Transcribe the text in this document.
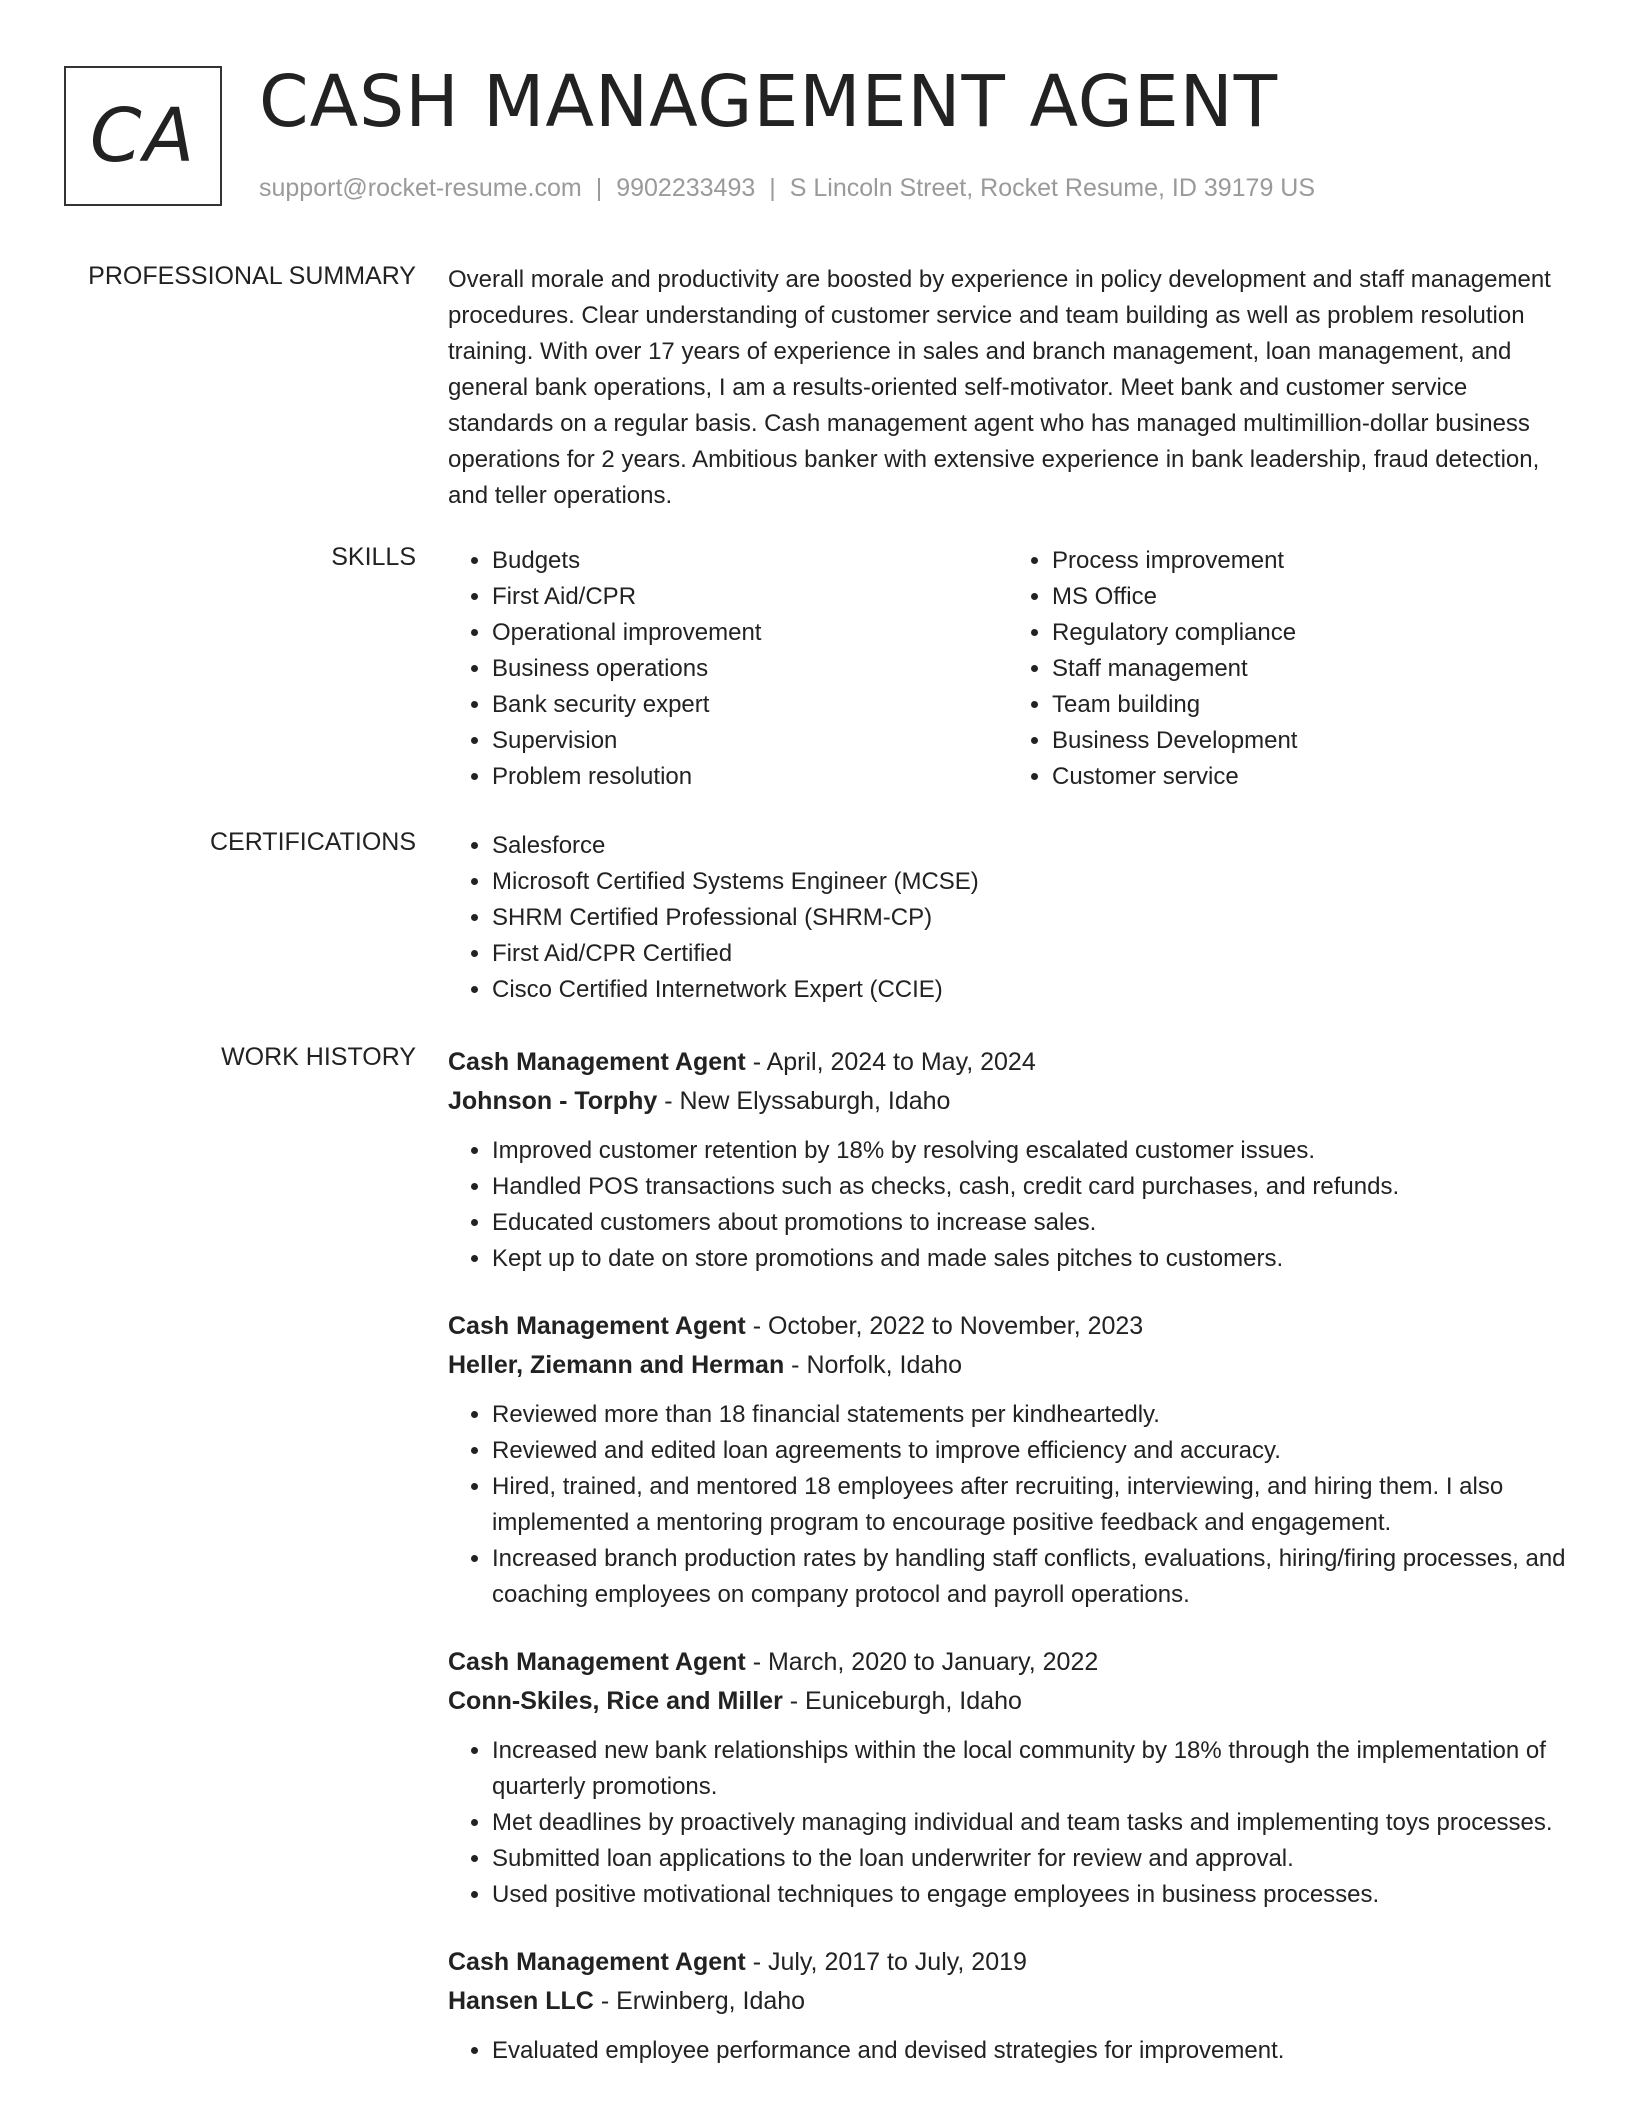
CA CASH MANAGEMENT AGENT
support@rocket-resume.com | 9902233493 | S Lincoln Street, Rocket Resume, ID 39179 US
PROFESSIONAL SUMMARY Overall morale and productivity are boosted by experience in policy development and staff management procedures. Clear understanding of customer service and team building as well as problem resolution training. With over 17 years of experience in sales and branch management, loan management, and general bank operations, I am a results-oriented self-motivator. Meet bank and customer service standards on a regular basis. Cash management agent who has managed multimillion-dollar business operations for 2 years. Ambitious banker with extensive experience in bank leadership, fraud detection, and teller operations.

SKILLS	• Budgets
• First Aid/CPR
• Operational improvement
• Business operations
• Bank security expert
• Supervision
• Problem resolution
• Process improvement
• MS Office
• Regulatory compliance
• Staff management
• Team building
• Business Development
• Customer service
CERTIFICATIONS	• Salesforce
• Microsoft Certified Systems Engineer (MCSE)
• SHRM Certified Professional (SHRM-CP)
• First Aid/CPR Certified
• Cisco Certified Internetwork Expert (CCIE)
WORK HISTORY Cash Management Agent - April, 2024 to May, 2024
Johnson - Torphy - New Elyssaburgh, Idaho
• Improved customer retention by 18% by resolving escalated customer issues.
• Handled POS transactions such as checks, cash, credit card purchases, and refunds.
• Educated customers about promotions to increase sales.
• Kept up to date on store promotions and made sales pitches to customers.
Cash Management Agent - October, 2022 to November, 2023
Heller, Ziemann and Herman - Norfolk, Idaho
• Reviewed more than 18 financial statements per kindheartedly.
• Reviewed and edited loan agreements to improve efficiency and accuracy.
• Hired, trained, and mentored 18 employees after recruiting, interviewing, and hiring them. I also implemented a mentoring program to encourage positive feedback and engagement.
• Increased branch production rates by handling staff conflicts, evaluations, hiring/firing processes, and coaching employees on company protocol and payroll operations.
Cash Management Agent - March, 2020 to January, 2022
Conn-Skiles, Rice and Miller - Euniceburgh, Idaho
• Increased new bank relationships within the local community by 18% through the implementation of quarterly promotions.
• Met deadlines by proactively managing individual and team tasks and implementing toys processes.
• Submitted loan applications to the loan underwriter for review and approval.
• Used positive motivational techniques to engage employees in business processes.
Cash Management Agent - July, 2017 to July, 2019
Hansen LLC - Erwinberg, Idaho
• Evaluated employee performance and devised strategies for improvement.
